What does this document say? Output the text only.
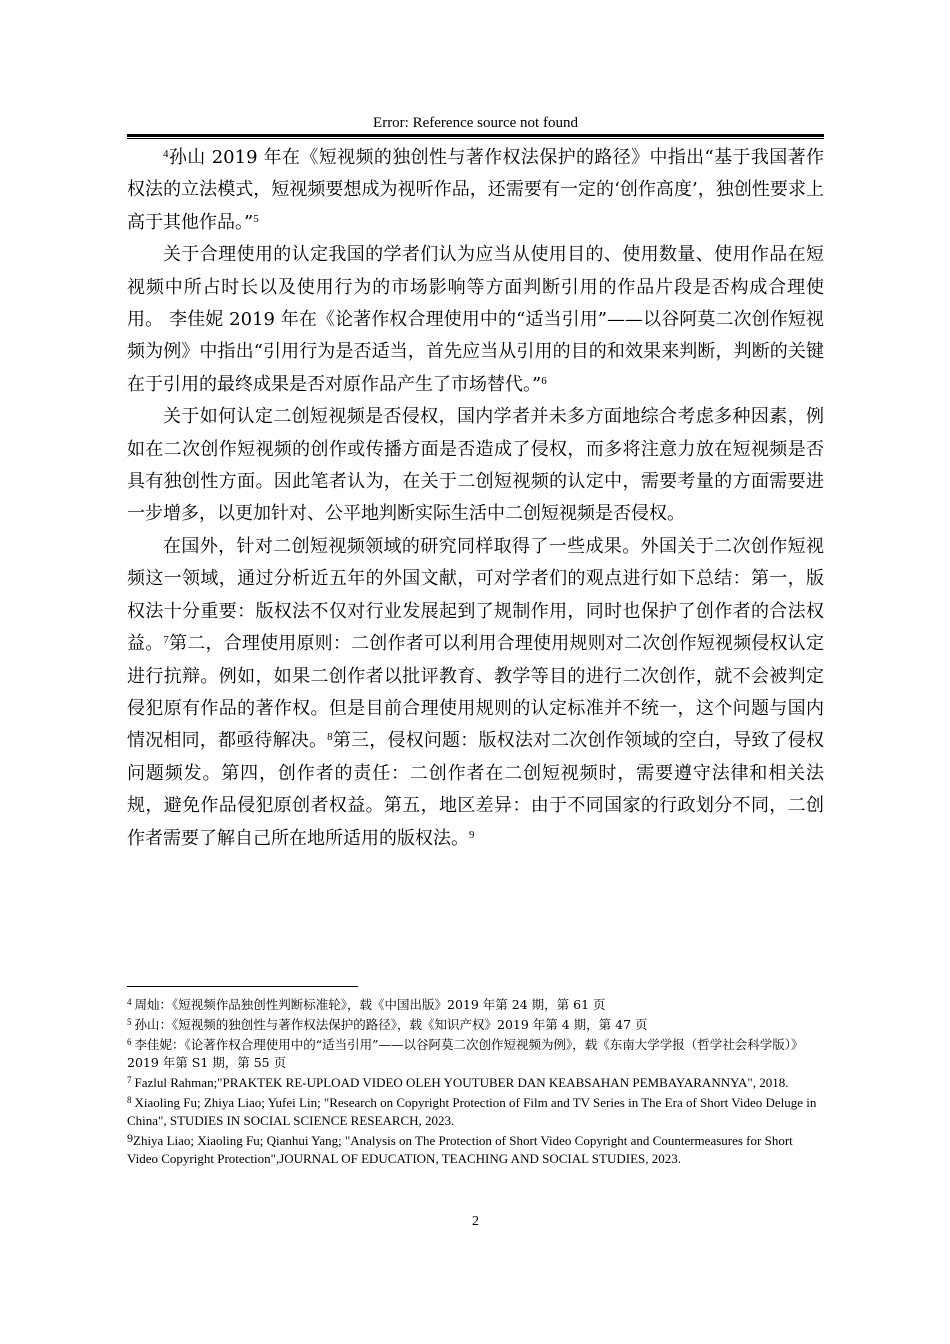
Error: Reference source not found

$^4$孙山 2019 年在《短视频的独创性与著作权法保护的路径》中指出“基于我国著作权法的立法模式，短视频要想成为视听作品，还需要有一定的‘创作高度’，独创性要求上高于其他作品。”$^5$

关于合理使用的认定我国的学者们认为应当从使用目的、使用数量、使用作品在短视频中所占时长以及使用行为的市场影响等方面判断引用的作品片段是否构成合理使用。 李佳妮 2019 年在《论著作权合理使用中的“适当引用”——以谷阿莫二次创作短视频为例》中指出“引用行为是否适当，首先应当从引用的目的和效果来判断，判断的关键在于引用的最终成果是否对原作品产生了市场替代。”$^6$

关于如何认定二创短视频是否侵权，国内学者并未多方面地综合考虑多种因素，例如在二次创作短视频的创作或传播方面是否造成了侵权，而多将注意力放在短视频是否具有独创性方面。因此笔者认为，在关于二创短视频的认定中，需要考量的方面需要进一步增多，以更加针对、公平地判断实际生活中二创短视频是否侵权。

在国外，针对二创短视频领域的研究同样取得了一些成果。外国关于二次创作短视频这一领域，通过分析近五年的外国文献，可对学者们的观点进行如下总结：第一，版权法十分重要：版权法不仅对行业发展起到了规制作用，同时也保护了创作者的合法权益。$^7$第二，合理使用原则：二创作者可以利用合理使用规则对二次创作短视频侵权认定进行抗辩。例如，如果二创作者以批评教育、教学等目的进行二次创作，就不会被判定侵犯原有作品的著作权。但是目前合理使用规则的认定标准并不统一，这个问题与国内情况相同，都亟待解决。$^8$第三，侵权问题：版权法对二次创作领域的空白，导致了侵权问题频发。第四，创作者的责任：二创作者在二创短视频时，需要遵守法律和相关法规，避免作品侵犯原创者权益。第五，地区差异：由于不同国家的行政划分不同，二创作者需要了解自己所在地所适用的版权法。$^9$

$^4$ 周灿：《短视频作品独创性判断标准轮》，载《中国出版》2019 年第 24 期，第 61 页

$^5$ 孙山：《短视频的独创性与著作权法保护的路径》，载《知识产权》2019 年第 4 期，第 47 页

$^6$ 李佳妮：《论著作权合理使用中的“适当引用”——以谷阿莫二次创作短视频为例》，载《东南大学学报（哲学社会科学版）》2019 年第 S1 期，第 55 页

$^7$ Fazlul Rahman;"PRAKTEK RE-UPLOAD VIDEO OLEH YOUTUBER DAN KEABSAHAN PEMBAYARANNYA", 2018.

$^8$ Xiaoling Fu; Zhiya Liao; Yufei Lin; "Research on Copyright Protection of Film and TV Series in The Era of Short Video Deluge in China", STUDIES IN SOCIAL SCIENCE RESEARCH, 2023.

9Zhiya Liao; Xiaoling Fu; Qianhui Yang; "Analysis on The Protection of Short Video Copyright and Countermeasures for Short Video Copyright Protection",JOURNAL OF EDUCATION, TEACHING AND SOCIAL STUDIES, 2023.

2
